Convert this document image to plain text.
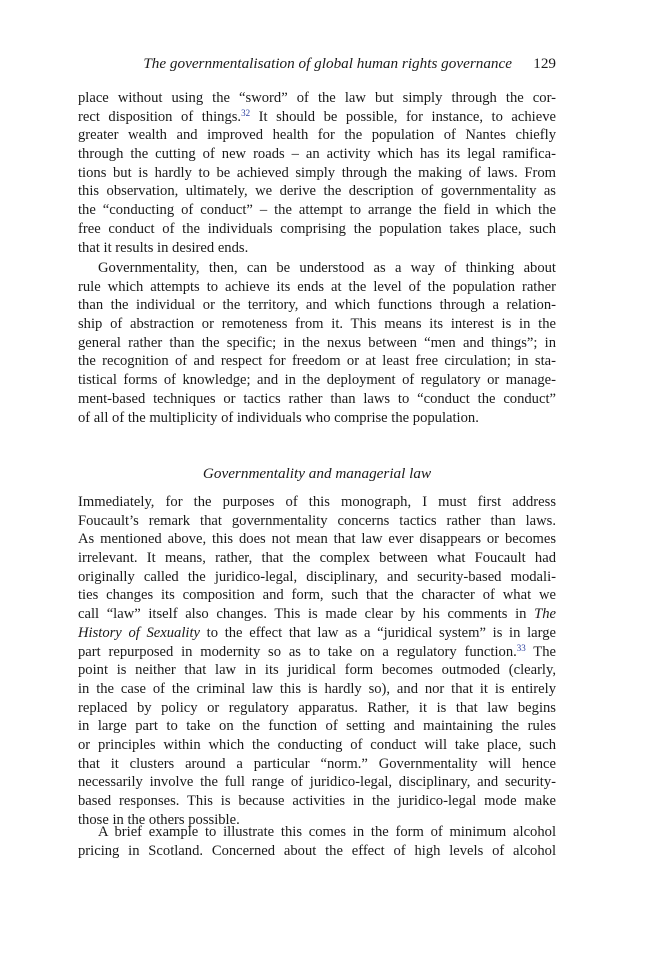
The governmentalisation of global human rights governance 129
place without using the “sword” of the law but simply through the cor-
rect disposition of things.$^{32}$ It should be possible, for instance, to achieve
greater wealth and improved health for the population of Nantes chiefly
through the cutting of new roads – an activity which has its legal ramifica-
tions but is hardly to be achieved simply through the making of laws. From
this observation, ultimately, we derive the description of governmentality as
the “conducting of conduct” – the attempt to arrange the field in which the
free conduct of the individuals comprising the population takes place, such
that it results in desired ends.
Governmentality, then, can be understood as a way of thinking about
rule which attempts to achieve its ends at the level of the population rather
than the individual or the territory, and which functions through a relation-
ship of abstraction or remoteness from it. This means its interest is in the
general rather than the specific; in the nexus between “men and things”; in
the recognition of and respect for freedom or at least free circulation; in sta-
tistical forms of knowledge; and in the deployment of regulatory or manage-
ment-based techniques or tactics rather than laws to “conduct the conduct”
of all of the multiplicity of individuals who comprise the population.
Governmentality and managerial law
Immediately, for the purposes of this monograph, I must first address
Foucault’s remark that governmentality concerns tactics rather than laws.
As mentioned above, this does not mean that law ever disappears or becomes
irrelevant. It means, rather, that the complex between what Foucault had
originally called the juridico-legal, disciplinary, and security-based modali-
ties changes its composition and form, such that the character of what we
call “law” itself also changes. This is made clear by his comments in The
History of Sexuality to the effect that law as a “juridical system” is in large
part repurposed in modernity so as to take on a regulatory function.$^{33}$ The
point is neither that law in its juridical form becomes outmoded (clearly,
in the case of the criminal law this is hardly so), and nor that it is entirely
replaced by policy or regulatory apparatus. Rather, it is that law begins
in large part to take on the function of setting and maintaining the rules
or principles within which the conducting of conduct will take place, such
that it clusters around a particular “norm.” Governmentality will hence
necessarily involve the full range of juridico-legal, disciplinary, and security-
based responses. This is because activities in the juridico-legal mode make
those in the others possible.
A brief example to illustrate this comes in the form of minimum alcohol
pricing in Scotland. Concerned about the effect of high levels of alcohol
